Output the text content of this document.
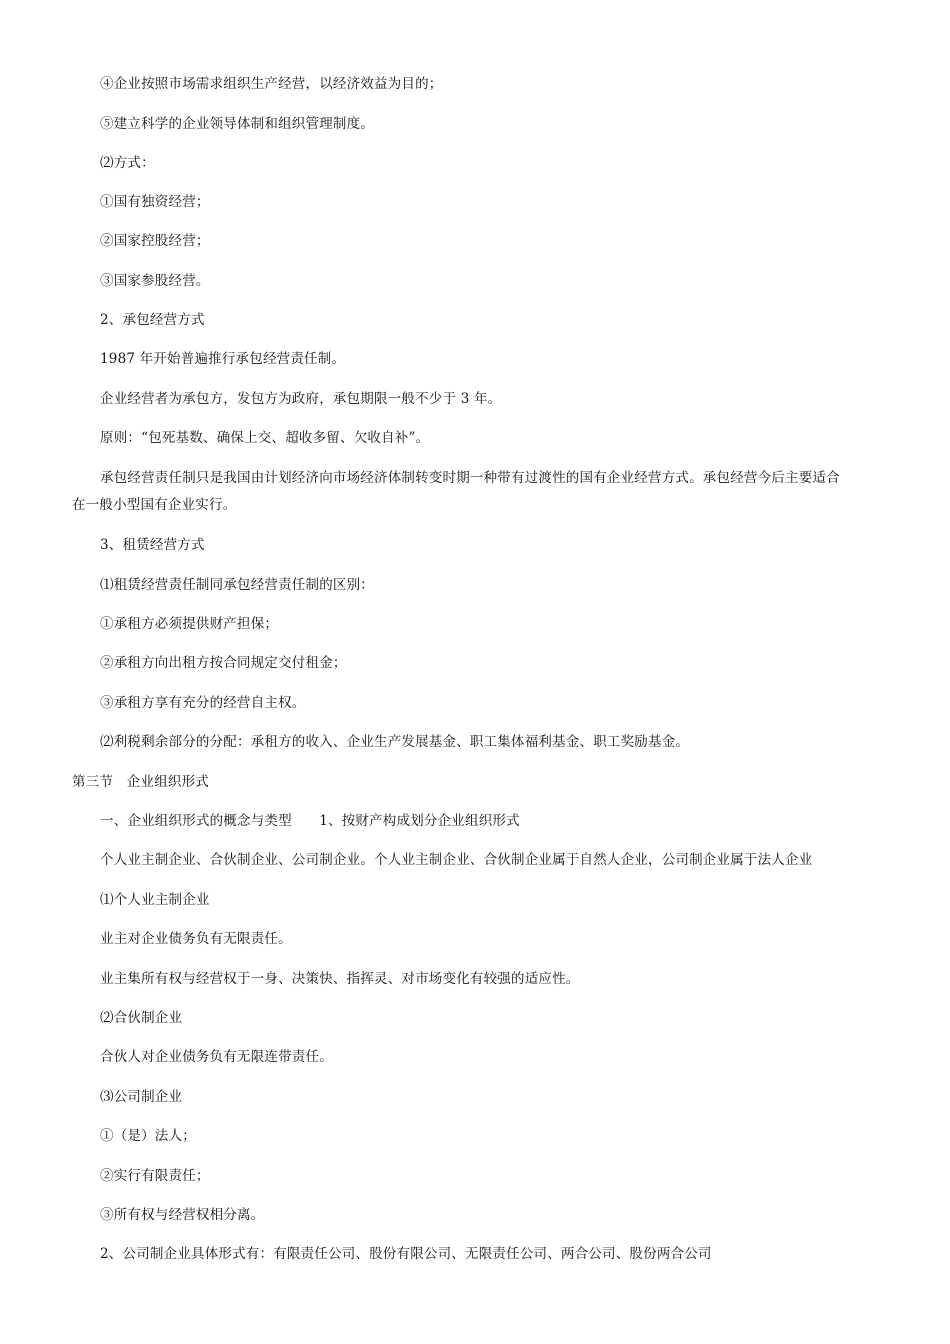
④企业按照市场需求组织生产经营，以经济效益为目的；
⑤建立科学的企业领导体制和组织管理制度。
⑵方式：
①国有独资经营；
②国家控股经营；
③国家参股经营。
2、承包经营方式
1987 年开始普遍推行承包经营责任制。
企业经营者为承包方，发包方为政府，承包期限一般不少于 3 年。
原则：“包死基数、确保上交、超收多留、欠收自补”。
承包经营责任制只是我国由计划经济向市场经济体制转变时期一种带有过渡性的国有企业经营方式。承包经营今后主要适合
在一般小型国有企业实行。
3、租赁经营方式
⑴租赁经营责任制同承包经营责任制的区别：
①承租方必须提供财产担保；
②承租方向出租方按合同规定交付租金；
③承租方享有充分的经营自主权。
⑵利税剩余部分的分配：承租方的收入、企业生产发展基金、职工集体福利基金、职工奖励基金。
第三节　企业组织形式
一、企业组织形式的概念与类型　　1、按财产构成划分企业组织形式
个人业主制企业、合伙制企业、公司制企业。个人业主制企业、合伙制企业属于自然人企业，公司制企业属于法人企业
⑴个人业主制企业
业主对企业债务负有无限责任。
业主集所有权与经营权于一身、决策快、指挥灵、对市场变化有较强的适应性。
⑵合伙制企业
合伙人对企业债务负有无限连带责任。
⑶公司制企业
①（是）法人；
②实行有限责任；
③所有权与经营权相分离。
2、公司制企业具体形式有：有限责任公司、股份有限公司、无限责任公司、两合公司、股份两合公司
